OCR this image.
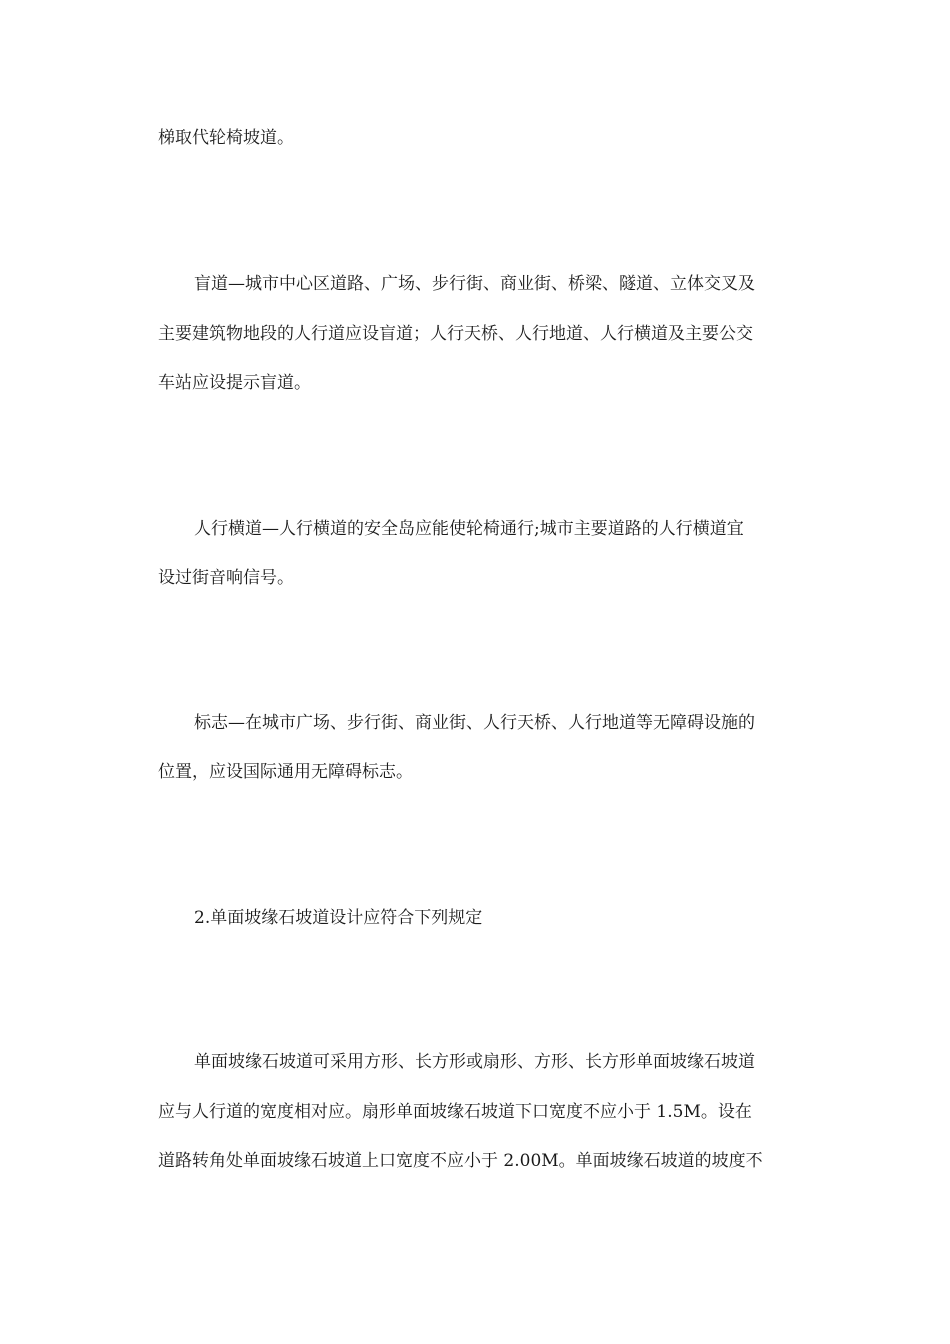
梯取代轮椅坡道。
盲道—城市中心区道路、广场、步行街、商业街、桥梁、隧道、立体交叉及
主要建筑物地段的人行道应设盲道；人行天桥、人行地道、人行横道及主要公交
车站应设提示盲道。
人行横道—人行横道的安全岛应能使轮椅通行;城市主要道路的人行横道宜
设过街音响信号。
标志—在城市广场、步行街、商业街、人行天桥、人行地道等无障碍设施的
位置，应设国际通用无障碍标志。
2.单面坡缘石坡道设计应符合下列规定
单面坡缘石坡道可采用方形、长方形或扇形、方形、长方形单面坡缘石坡道
应与人行道的宽度相对应。扇形单面坡缘石坡道下口宽度不应小于 1.5M。设在
道路转角处单面坡缘石坡道上口宽度不应小于 2.00M。单面坡缘石坡道的坡度不
